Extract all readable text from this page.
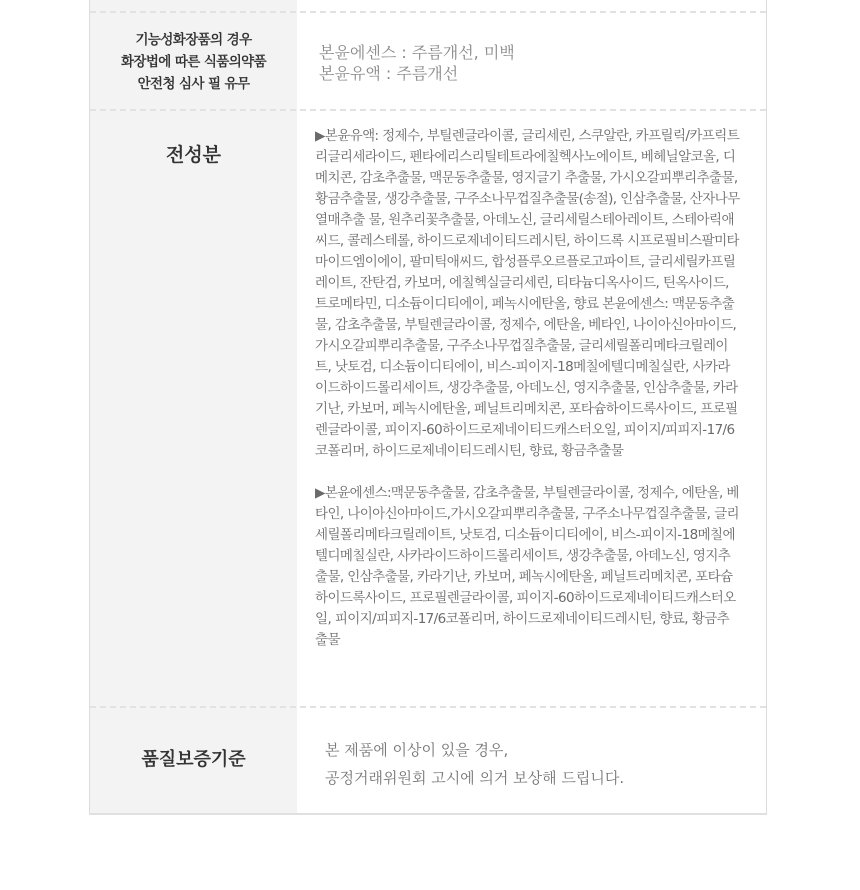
기능성화장품의 경우
화장법에 따른 식품의약품
안전청 심사 필 유무
본윤에센스 : 주름개선, 미백
본윤유액 : 주름개선
전성분

▶본윤유액: 정제수, 부틸렌글라이콜, 글리세린, 스쿠알란, 카프릴릭/카프릭트리글리세라이드, 펜타에리스리틸테트라에칠헥사노에이트, 베헤닐알코올, 디메치콘, 감초추출물, 맥문동추출물, 영지글기 추출물, 가시오갈피뿌리추출물, 황금추출물, 생강추출물, 구주소나무껍질추출물(송절), 인삼추출물, 산자나무열매추출 물, 원추리꽃추출물, 아데노신, 글리세릴스테아레이트, 스테아릭애씨드, 콜레스테롤, 하이드로제네이티드레시틴, 하이드록 시프로필비스팔미타마이드엠이에이, 팔미틱애씨드, 합성플루오르플로고파이트, 글리세릴카프릴레이트, 잔탄검, 카보머, 에칠헥실글리세린, 티타늄디옥사이드, 틴옥사이드, 트로메타민, 디소듐이디티에이, 페녹시에탄올, 향료 본윤에센스: 맥문동추출물, 감초추출물, 부틸렌글라이콜, 정제수, 에탄올, 베타인, 나이아신아마이드,가시오갈피뿌리추출물, 구주소나무껍질추출물, 글리세릴폴리메타크릴레이트, 낫토검, 디소듐이디티에이, 비스-피이지-18메칠에텔디메칠실란, 사카라이드하이드롤리세이트, 생강추출물, 아데노신, 영지추출물, 인삼추출물, 카라기난, 카보머, 페녹시에탄올, 페닐트리메치콘, 포타슘하이드록사이드, 프로필렌글라이콜, 피이지-60하이드로제네이티드캐스터오일, 피이지/피피지-17/6코폴리머, 하이드로제네이티드레시틴, 향료, 황금추출물

▶본윤에센스:맥문동추출물, 감초추출물, 부틸렌글라이콜, 정제수, 에탄올, 베타인, 나이아신아마이드,가시오갈피뿌리추출물, 구주소나무껍질추출물, 글리세릴폴리메타크릴레이트, 낫토검, 디소듐이디티에이, 비스-피이지-18메칠에텔디메칠실란, 사카라이드하이드롤리세이트, 생강추출물, 아데노신, 영지추출물, 인삼추출물, 카라기난, 카보머, 페녹시에탄올, 페닐트리메치콘, 포타슘하이드록사이드, 프로필렌글라이콜, 피이지-60하이드로제네이티드캐스터오일, 피이지/피피지-17/6코폴리머, 하이드로제네이티드레시틴, 향료, 황금추출물

품질보증기준	본 제품에 이상이 있을 경우,
공정거래위원회 고시에 의거 보상해 드립니다.
